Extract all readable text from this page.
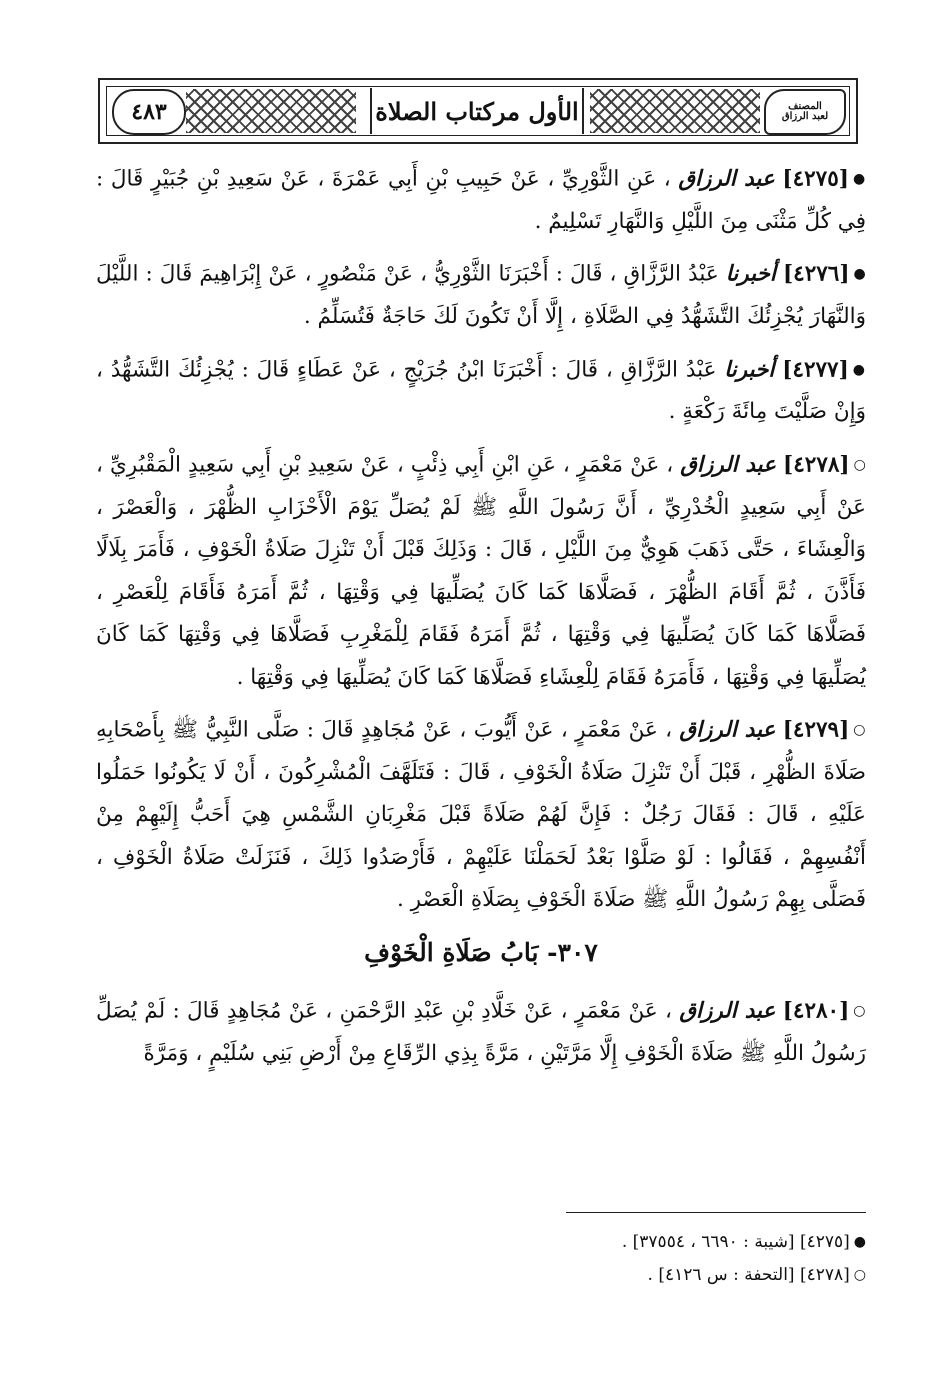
٤٨٣	الأول مركتاب الصلاة	المصنف
لعبد الرزاق

●[٤٢٧٥] عبد الرزاق ، عَنِ الثَّوْرِيِّ ، عَنْ حَبِيبِ بْنِ أَبِي عَمْرَةَ ، عَنْ سَعِيدِ بْنِ جُبَيْرٍ قَالَ : فِي كُلِّ مَثْنَى مِنَ اللَّيْلِ وَالنَّهَارِ تَسْلِيمٌ .

●[٤٢٧٦] أخبرنا عَبْدُ الرَّزَّاقِ ، قَالَ : أَخْبَرَنَا الثَّوْرِيُّ ، عَنْ مَنْصُورٍ ، عَنْ إِبْرَاهِيمَ قَالَ : اللَّيْلَ وَالنَّهَارَ يُجْزِئُكَ التَّشَهُّدُ فِي الصَّلَاةِ ، إِلَّا أَنْ تَكُونَ لَكَ حَاجَةٌ فَتُسَلِّمُ .

●[٤٢٧٧] أخبرنا عَبْدُ الرَّزَّاقِ ، قَالَ : أَخْبَرَنَا ابْنُ جُرَيْجٍ ، عَنْ عَطَاءٍ قَالَ : يُجْزِئُكَ التَّشَهُّدُ ، وَإِنْ صَلَّيْتَ مِائَةَ رَكْعَةٍ .

○[٤٢٧٨] عبد الرزاق ، عَنْ مَعْمَرٍ ، عَنِ ابْنِ أَبِي ذِئْبٍ ، عَنْ سَعِيدِ بْنِ أَبِي سَعِيدٍ الْمَقْبُرِيِّ ، عَنْ أَبِي سَعِيدٍ الْخُدْرِيِّ ، أَنَّ رَسُولَ اللَّهِ ﷺ لَمْ يُصَلِّ يَوْمَ الْأَحْزَابِ الظُّهْرَ ، وَالْعَصْرَ ، وَالْعِشَاءَ ، حَتَّى ذَهَبَ هَوِيٌّ مِنَ اللَّيْلِ ، قَالَ : وَذَلِكَ قَبْلَ أَنْ تَنْزِلَ صَلَاةُ الْخَوْفِ ، فَأَمَرَ بِلَالًا فَأَذَّنَ ، ثُمَّ أَقَامَ الظُّهْرَ ، فَصَلَّاهَا كَمَا كَانَ يُصَلِّيهَا فِي وَقْتِهَا ، ثُمَّ أَمَرَهُ فَأَقَامَ لِلْعَصْرِ ، فَصَلَّاهَا كَمَا كَانَ يُصَلِّيهَا فِي وَقْتِهَا ، ثُمَّ أَمَرَهُ فَقَامَ لِلْمَغْرِبِ فَصَلَّاهَا فِي وَقْتِهَا كَمَا كَانَ يُصَلِّيهَا فِي وَقْتِهَا ، فَأَمَرَهُ فَقَامَ لِلْعِشَاءِ فَصَلَّاهَا كَمَا كَانَ يُصَلِّيهَا فِي وَقْتِهَا .

○[٤٢٧٩] عبد الرزاق ، عَنْ مَعْمَرٍ ، عَنْ أَيُّوبَ ، عَنْ مُجَاهِدٍ قَالَ : صَلَّى النَّبِيُّ ﷺ بِأَصْحَابِهِ صَلَاةَ الظُّهْرِ ، قَبْلَ أَنْ تَنْزِلَ صَلَاةُ الْخَوْفِ ، قَالَ : فَتَلَهَّفَ الْمُشْرِكُونَ ، أَنْ لَا يَكُونُوا حَمَلُوا عَلَيْهِ ، قَالَ : فَقَالَ رَجُلٌ : فَإِنَّ لَهُمْ صَلَاةً قَبْلَ مَغْرِبَانِ الشَّمْسِ هِيَ أَحَبُّ إِلَيْهِمْ مِنْ أَنْفُسِهِمْ ، فَقَالُوا : لَوْ صَلَّوْا بَعْدُ لَحَمَلْنَا عَلَيْهِمْ ، فَأَرْصَدُوا ذَلِكَ ، فَنَزَلَتْ صَلَاةُ الْخَوْفِ ، فَصَلَّى بِهِمْ رَسُولُ اللَّهِ ﷺ صَلَاةَ الْخَوْفِ بِصَلَاةِ الْعَصْرِ .

٣٠٧- بَابُ صَلَاةِ الْخَوْفِ

○[٤٢٨٠] عبد الرزاق ، عَنْ مَعْمَرٍ ، عَنْ خَلَّادِ بْنِ عَبْدِ الرَّحْمَنِ ، عَنْ مُجَاهِدٍ قَالَ : لَمْ يُصَلِّ رَسُولُ اللَّهِ ﷺ صَلَاةَ الْخَوْفِ إِلَّا مَرَّتَيْنِ ، مَرَّةً بِذِي الرِّقَاعِ مِنْ أَرْضِ بَنِي سُلَيْمٍ ، وَمَرَّةً

●[٤٢٧٥] [شيبة : ٦٦٩٠ ، ٣٧٥٥٤] .

○[٤٢٧٨] [التحفة : س ٤١٢٦] .
